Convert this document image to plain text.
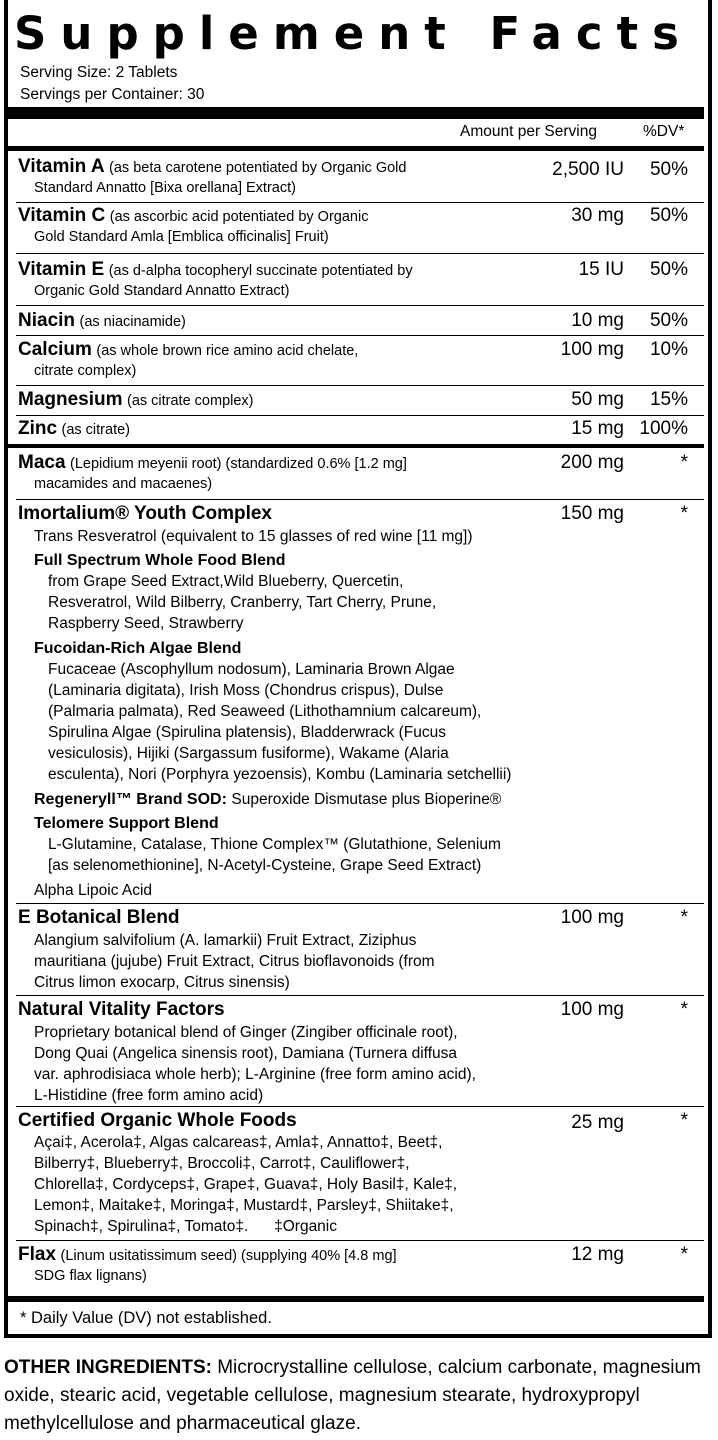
Supplement Facts
Serving Size: 2 Tablets
Servings per Container: 30
Amount per Serving	%DV*
Vitamin A (as beta carotene potentiated by Organic Gold
Standard Annatto [Bixa orellana] Extract)
2,500 IU 50%
Vitamin C (as ascorbic acid potentiated by Organic
Gold Standard Amla [Emblica officinalis] Fruit)
30 mg 50%
Vitamin E (as d-alpha tocopheryl succinate potentiated by
Organic Gold Standard Annatto Extract)
15 IU 50%
Niacin (as niacinamide)	10 mg 50%
Calcium (as whole brown rice amino acid chelate,
citrate complex)
100 mg 10%
Magnesium (as citrate complex)	50 mg 15%
Zinc (as citrate)	15 mg 100%
Maca (Lepidium meyenii root) (standardized 0.6% [1.2 mg]
macamides and macaenes)
200 mg	*
Imortalium® Youth Complex	150 mg	*
Trans Resveratrol (equivalent to 15 glasses of red wine [11 mg])
Full Spectrum Whole Food Blend
from Grape Seed Extract,Wild Blueberry, Quercetin,
Resveratrol, Wild Bilberry, Cranberry, Tart Cherry, Prune,
Raspberry Seed, Strawberry
Fucoidan-Rich Algae Blend
Fucaceae (Ascophyllum nodosum), Laminaria Brown Algae
(Laminaria digitata), Irish Moss (Chondrus crispus), Dulse
(Palmaria palmata), Red Seaweed (Lithothamnium calcareum),
Spirulina Algae (Spirulina platensis), Bladderwrack (Fucus
vesiculosis), Hijiki (Sargassum fusiforme), Wakame (Alaria
esculenta), Nori (Porphyra yezoensis), Kombu (Laminaria setchellii)
Regeneryll™ Brand SOD: Superoxide Dismutase plus Bioperine®
Telomere Support Blend
L-Glutamine, Catalase, Thione Complex™ (Glutathione, Selenium
[as selenomethionine], N-Acetyl-Cysteine, Grape Seed Extract)
Alpha Lipoic Acid
E Botanical Blend	100 mg	*
Alangium salvifolium (A. lamarkii) Fruit Extract, Ziziphus
mauritiana (jujube) Fruit Extract, Citrus bioflavonoids (from
Citrus limon exocarp, Citrus sinensis)
Natural Vitality Factors	100 mg	*
Proprietary botanical blend of Ginger (Zingiber officinale root),
Dong Quai (Angelica sinensis root), Damiana (Turnera diffusa
var. aphrodisiaca whole herb); L-Arginine (free form amino acid),
L-Histidine (free form amino acid)
Certified Organic Whole Foods	25 mg	*
Açai‡, Acerola‡, Algas calcareas‡, Amla‡, Annatto‡, Beet‡,
Bilberry‡, Blueberry‡, Broccoli‡, Carrot‡, Cauliflower‡,
Chlorella‡, Cordyceps‡, Grape‡, Guava‡, Holy Basil‡, Kale‡,
Lemon‡, Maitake‡, Moringa‡, Mustard‡, Parsley‡, Shiitake‡,
Spinach‡, Spirulina‡, Tomato‡.      ‡Organic
Flax (Linum usitatissimum seed) (supplying 40% [4.8 mg]
SDG flax lignans)
12 mg	*
* Daily Value (DV) not established.
OTHER INGREDIENTS: Microcrystalline cellulose, calcium carbonate, magnesium oxide, stearic acid, vegetable cellulose, magnesium stearate, hydroxypropyl methylcellulose and pharmaceutical glaze.
